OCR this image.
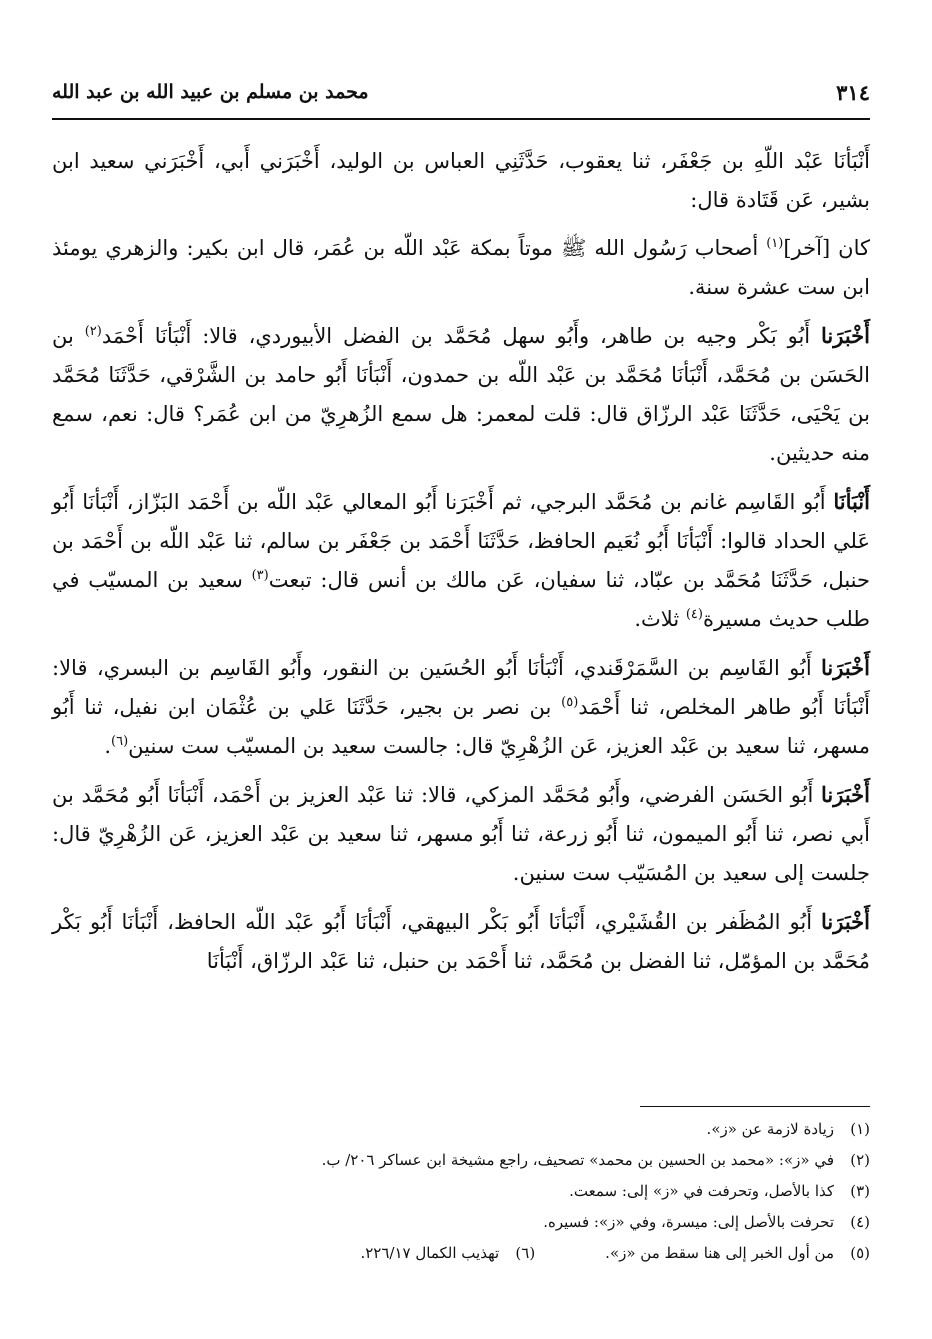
٣١٤
محمد بن مسلم بن عبيد الله بن عبد الله

أَنْبَأنَا عَبْد اللّهِ بن جَعْفَر، ثنا يعقوب، حَدَّثَنِي العباس بن الوليد، أَخْبَرَني أَبي، أَخْبَرَني سعيد ابن بشير، عَن قَتَادة قال:

كان [آخر]$^{(١)}$ أصحاب رَسُول الله ﷺ موتاً بمكة عَبْد اللّه بن عُمَر، قال ابن بكير: والزهري يومئذ ابن ست عشرة سنة.

أَخْبَرَنا أَبُو بَكْر وجيه بن طاهر، وأَبُو سهل مُحَمَّد بن الفضل الأبيوردي، قالا: أَنْبَأنَا أَحْمَد$^{(٢)}$ بن الحَسَن بن مُحَمَّد، أَنْبَأنَا مُحَمَّد بن عَبْد اللّه بن حمدون، أَنْبَأنَا أَبُو حامد بن الشَّرْقي، حَدَّثَنَا مُحَمَّد بن يَحْيَى، حَدَّثَنَا عَبْد الرزّاق قال: قلت لمعمر: هل سمع الزُهرِيّ من ابن عُمَر؟ قال: نعم، سمع منه حديثين.

أَنْبَأنَا أَبُو القَاسِم غانم بن مُحَمَّد البرجي، ثم أَخْبَرَنا أَبُو المعالي عَبْد اللّه بن أَحْمَد البَزّاز، أَنْبَأنَا أَبُو عَلي الحداد قالوا: أَنْبَأنَا أَبُو نُعَيم الحافظ، حَدَّثَنَا أَحْمَد بن جَعْفَر بن سالم، ثنا عَبْد اللّه بن أَحْمَد بن حنبل، حَدَّثَنَا مُحَمَّد بن عبّاد، ثنا سفيان، عَن مالك بن أنس قال: تبعت$^{(٣)}$ سعيد بن المسيّب في طلب حديث مسيرة$^{(٤)}$ ثلاث.

أَخْبَرَنا أَبُو القَاسِم بن السَّمَرْقَندي، أَنْبَأنَا أَبُو الحُسَين بن النقور، وأَبُو القَاسِم بن البسري، قالا: أَنْبَأنَا أَبُو طاهر المخلص، ثنا أَحْمَد$^{(٥)}$ بن نصر بن بجير، حَدَّثَنَا عَلي بن عُثْمَان ابن نفيل، ثنا أَبُو مسهر، ثنا سعيد بن عَبْد العزيز، عَن الزُهْرِيّ قال: جالست سعيد بن المسيّب ست سنين$^{(٦)}$.

أَخْبَرَنا أَبُو الحَسَن الفرضي، وأَبُو مُحَمَّد المزكي، قالا: ثنا عَبْد العزيز بن أَحْمَد، أَنْبَأنَا أَبُو مُحَمَّد بن أَبي نصر، ثنا أَبُو الميمون، ثنا أَبُو زرعة، ثنا أَبُو مسهر، ثنا سعيد بن عَبْد العزيز، عَن الزُهْرِيّ قال: جلست إلى سعيد بن المُسَيّب ست سنين.

أَخْبَرَنا أَبُو المُظَفر بن القُشَيْري، أَنْبَأنَا أَبُو بَكْر البيهقي، أَنْبَأنَا أَبُو عَبْد اللّه الحافظ، أَنْبَأنَا أَبُو بَكْر مُحَمَّد بن المؤمّل، ثنا الفضل بن مُحَمَّد، ثنا أَحْمَد بن حنبل، ثنا عَبْد الرزّاق، أَنْبَأنَا

(١)زيادة لازمة عن «ز».
(٢)في «ز»: «محمد بن الحسين بن محمد» تصحيف، راجع مشيخة ابن عساكر ٢٠٦/ ب.
(٣)كذا بالأصل، وتحرفت في «ز» إلى: سمعت.
(٤)تحرفت بالأصل إلى: ميسرة، وفي «ز»: فسيره.
(٥)من أول الخبر إلى هنا سقط من «ز».(٦)تهذيب الكمال ٢٢٦/١٧.
